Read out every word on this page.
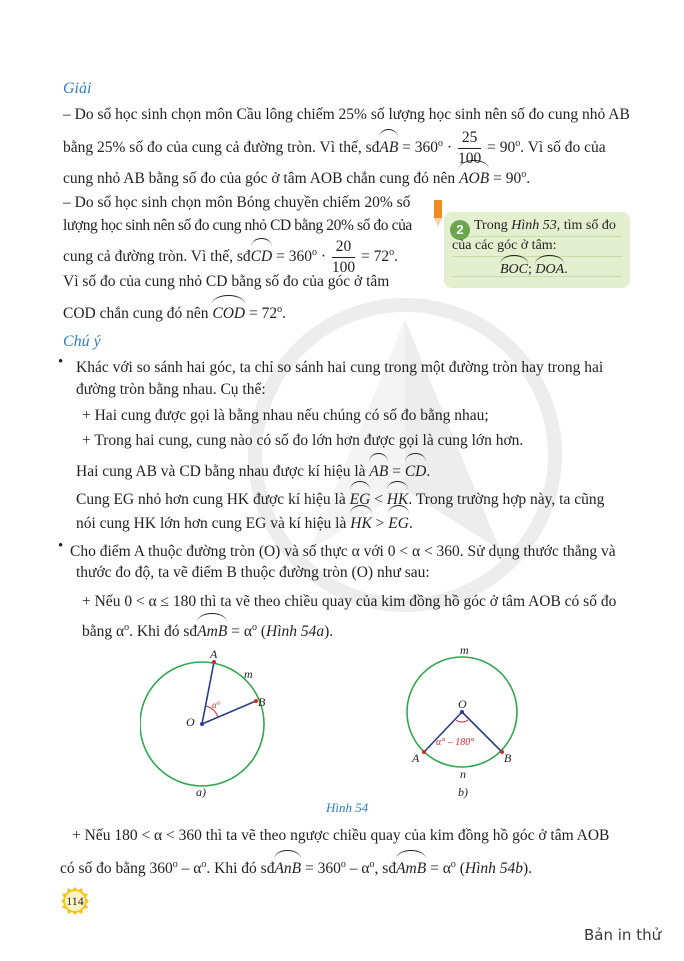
Giải
– Do số học sinh chọn môn Cầu lông chiếm 25% số lượng học sinh nên số đo cung nhỏ AB
bằng 25% số đo của cung cả đường tròn. Vì thế, sđAB = $360^o \cdot \frac{25}{100} = 90^o$. Vì số đo của
cung nhỏ AB bằng số đo của góc ở tâm AOB chắn cung đó nên AOB = $90^o$.
– Do số học sinh chọn môn Bóng chuyền chiếm 20% số
lượng học sinh nên số đo cung nhỏ CD bằng 20% số đo của
cung cả đường tròn. Vì thế, sđCD = $360^o \cdot \frac{20}{100} = 72^o$.
Vì số đo của cung nhỏ CD bằng số đo của góc ở tâm
COD chắn cung đó nên COD = $72^o$.
2 Trong Hình 53, tìm số đo
của các góc ở tâm:
BOC; DOA.
Chú ý
• Khác với so sánh hai góc, ta chỉ so sánh hai cung trong một đường tròn hay trong hai
đường tròn bằng nhau. Cụ thể:
+ Hai cung được gọi là bằng nhau nếu chúng có số đo bằng nhau;
+ Trong hai cung, cung nào có số đo lớn hơn được gọi là cung lớn hơn.
Hai cung AB và CD bằng nhau được kí hiệu là AB = CD.
Cung EG nhỏ hơn cung HK được kí hiệu là EG < HK. Trong trường hợp này, ta cũng
nói cung HK lớn hơn cung EG và kí hiệu là HK > EG.
• Cho điểm A thuộc đường tròn (O) và số thực α với 0 < α < 360. Sử dụng thước thẳng và
thước đo độ, ta vẽ điểm B thuộc đường tròn (O) như sau:
+ Nếu 0 < α ≤ 180 thì ta vẽ theo chiều quay của kim đồng hồ góc ở tâm AOB có số đo
bằng $\alpha^o$. Khi đó sđAmB = $\alpha^o$ (Hình 54a).
A
B
O
m
α°
a)
m
O
α° – 180°
A	B
n
b)
Hình 54
+ Nếu 180 < α < 360 thì ta vẽ theo ngược chiều quay của kim đồng hồ góc ở tâm AOB
có số đo bằng $360^o - \alpha^o$. Khi đó sđAnB = $360^o - \alpha^o$, sđAmB = $\alpha^o$ (Hình 54b).
114
Bản in thử
